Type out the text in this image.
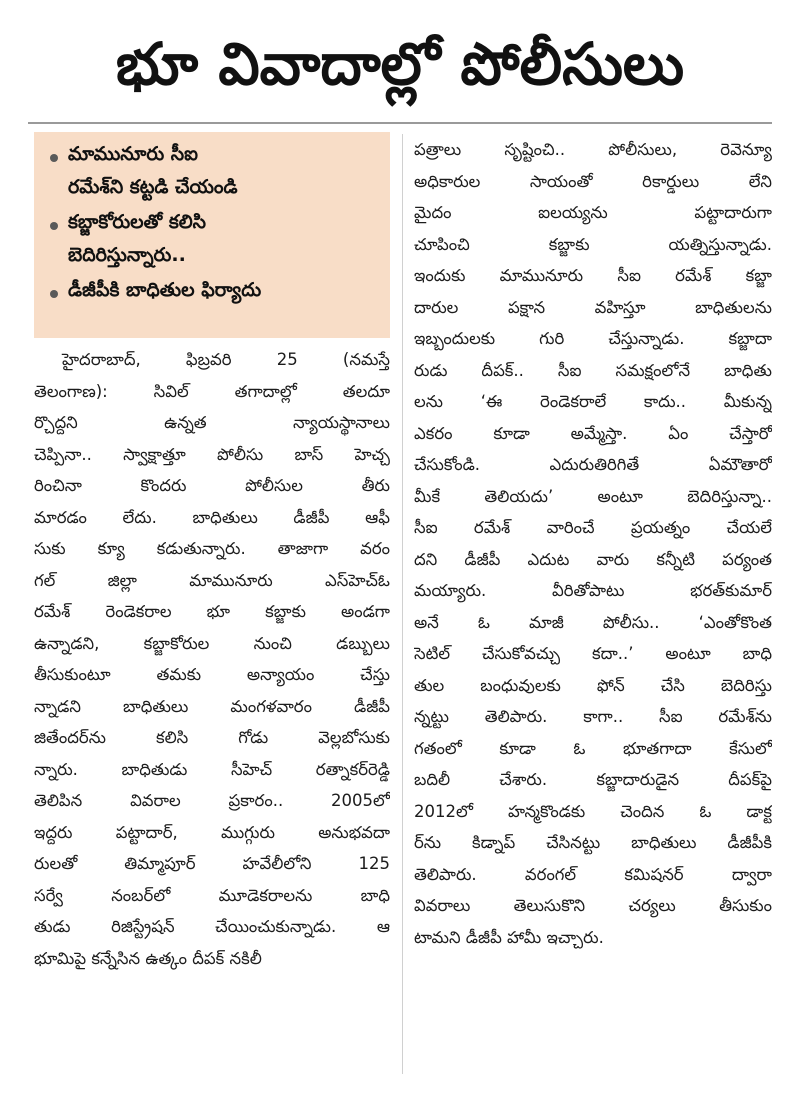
భూ వివాదాల్లో పోలీసులు
మామునూరు సీఐ
రమేశ్‌ని కట్టడి చేయండి
కబ్జాకోరులతో కలిసి
బెదిరిస్తున్నారు..
డీజీపీకి బాధితుల ఫిర్యాదు
హైదరాబాద్, ఫిబ్రవరి 25 (నమస్తే
తెలంగాణ): సివిల్ తగాదాల్లో తలదూ
ర్చొద్దని ఉన్నత న్యాయస్థానాలు
చెప్పినా.. స్వాక్షాత్తూ పోలీసు బాస్ హెచ్చ
రించినా కొందరు పోలీసుల తీరు
మారడం లేదు. బాధితులు డీజీపీ ఆఫీ
సుకు క్యూ కడుతున్నారు. తాజాగా వరం
గల్ జిల్లా మామునూరు ఎస్‌హెచ్‌ఓ
రమేశ్ రెండెకరాల భూ కబ్జాకు అండగా
ఉన్నాడని, కబ్జాకోరుల నుంచి డబ్బులు
తీసుకుంటూ తమకు అన్యాయం చేస్తు
న్నాడని బాధితులు మంగళవారం డీజీపీ
జితేందర్‌ను కలిసి గోడు వెల్లబోసుకు
న్నారు. బాధితుడు సీహెచ్ రత్నాకర్‌రెడ్డి
తెలిపిన వివరాల ప్రకారం.. 2005లో
ఇద్దరు పట్టాదార్, ముగ్గురు అనుభవదా
రులతో తిమ్మాపూర్ హవేలీలోని 125
సర్వే నంబర్‌లో మూడెకరాలను బాధి
తుడు రిజిస్ట్రేషన్ చేయించుకున్నాడు. ఆ
భూమిపై కన్నేసిన ఉత్కం దీపక్ నకిలీ
పత్రాలు సృష్టించి.. పోలీసులు, రెవెన్యూ
అధికారుల సాయంతో రికార్డులు లేని
మైదం ఐలయ్యను పట్టాదారుగా
చూపించి కబ్జాకు యత్నిస్తున్నాడు.
ఇందుకు మామునూరు సీఐ రమేశ్ కబ్జా
దారుల పక్షాన వహిస్తూ బాధితులను
ఇబ్బందులకు గురి చేస్తున్నాడు. కబ్జాదా
రుడు దీపక్.. సీఐ సమక్షంలోనే బాధితు
లను ‘ఈ రెండెకరాలే కాదు.. మీకున్న
ఎకరం కూడా అమ్మేస్తా. ఏం చేస్తారో
చేసుకోండి. ఎదురుతిరిగితే ఏమౌతారో
మీకే తెలియదు’ అంటూ బెదిరిస్తున్నా..
సీఐ రమేశ్ వారించే ప్రయత్నం చేయలే
దని డీజీపీ ఎదుట వారు కన్నీటి పర్యంత
మయ్యారు. వీరితోపాటు భరత్‌కుమార్
అనే ఓ మాజీ పోలీసు.. ‘ఎంతోకొంత
సెటిల్ చేసుకోవచ్చు కదా..’ అంటూ బాధి
తుల బంధువులకు ఫోన్ చేసి బెదిరిస్తు
న్నట్టు తెలిపారు. కాగా.. సీఐ రమేశ్‌ను
గతంలో కూడా ఓ భూతగాదా కేసులో
బదిలీ చేశారు. కబ్జాదారుడైన దీపక్‌పై
2012లో హన్మకొండకు చెందిన ఓ డాక్ట
ర్‌ను కిడ్నాప్ చేసినట్టు బాధితులు డీజీపీకి
తెలిపారు. వరంగల్ కమిషనర్ ద్వారా
వివరాలు తెలుసుకొని చర్యలు తీసుకుం
టామని డీజీపీ హామీ ఇచ్చారు.
